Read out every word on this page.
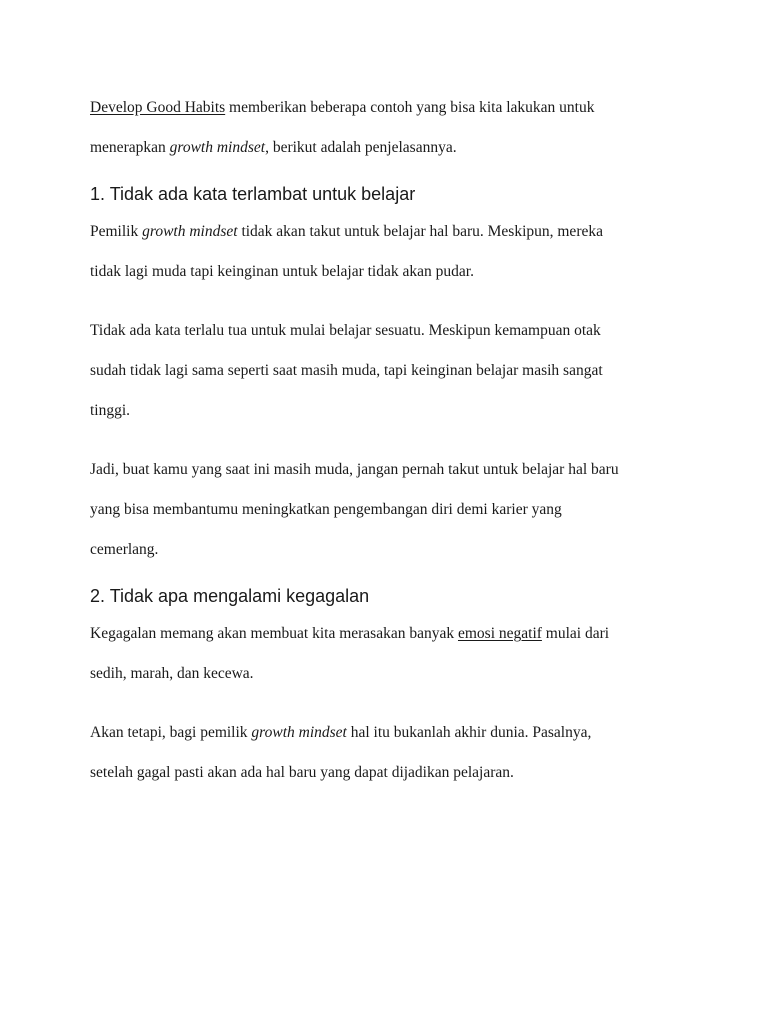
Develop Good Habits memberikan beberapa contoh yang bisa kita lakukan untuk

menerapkan growth mindset, berikut adalah penjelasannya.

1. Tidak ada kata terlambat untuk belajar

Pemilik growth mindset tidak akan takut untuk belajar hal baru. Meskipun, mereka

tidak lagi muda tapi keinginan untuk belajar tidak akan pudar.

Tidak ada kata terlalu tua untuk mulai belajar sesuatu. Meskipun kemampuan otak

sudah tidak lagi sama seperti saat masih muda, tapi keinginan belajar masih sangat

tinggi.

Jadi, buat kamu yang saat ini masih muda, jangan pernah takut untuk belajar hal baru

yang bisa membantumu meningkatkan pengembangan diri demi karier yang

cemerlang.

2. Tidak apa mengalami kegagalan

Kegagalan memang akan membuat kita merasakan banyak emosi negatif mulai dari

sedih, marah, dan kecewa.

Akan tetapi, bagi pemilik growth mindset hal itu bukanlah akhir dunia. Pasalnya,

setelah gagal pasti akan ada hal baru yang dapat dijadikan pelajaran.
